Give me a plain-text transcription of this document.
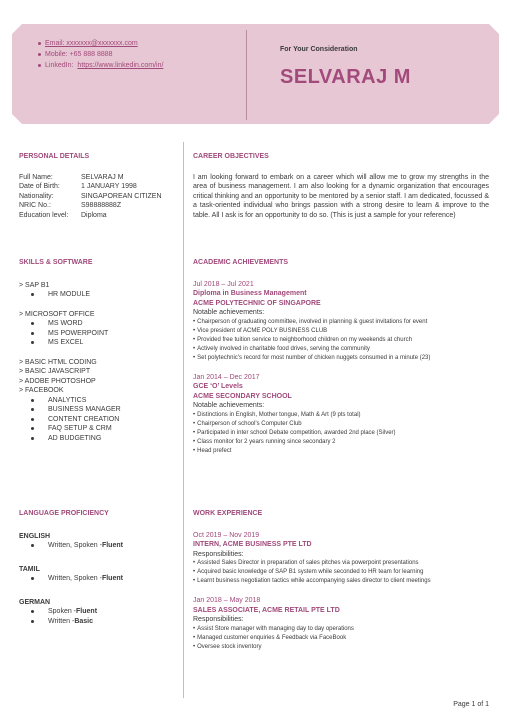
Email: xxxxxxx@xxxxxxx.com
Mobile: +65 888 8888
LinkedIn: https://www.linkedin.com/in/
For Your Consideration
SELVARAJ M
PERSONAL DETAILS
Full Name:	SELVARAJ M
Date of Birth:	1 JANUARY 1998
Nationality:	SINGAPOREAN CITIZEN
NRIC No.:	S98888888Z
Education level:	Diploma
SKILLS & SOFTWARE
> SAP B1
HR MODULE
> MICROSOFT OFFICE
MS WORD
MS POWERPOINT
MS EXCEL
> BASIC HTML CODING
> BASIC JAVASCRIPT
> ADOBE PHOTOSHOP
> FACEBOOK
ANALYTICS
BUSINESS MANAGER
CONTENT CREATION
FAQ SETUP & CRM
AD BUDGETING
LANGUAGE PROFICIENCY
ENGLISH
Written, Spoken - Fluent
TAMIL
Written, Spoken - Fluent
GERMAN
Spoken - Fluent
Written - Basic
CAREER OBJECTIVES
I am looking forward to embark on a career which will allow me to grow my strengths in the area of business management. I am also looking for a dynamic organization that encourages critical thinking and an opportunity to be mentored by a senior staff. I am dedicated, focussed & a task-oriented individual who brings passion with a strong desire to learn & improve to the table. All I ask is for an opportunity to do so. (This is just a sample for your reference)
ACADEMIC ACHIEVEMENTS
Jul 2018 – Jul 2021
Diploma in Business Management
ACME POLYTECHNIC OF SINGAPORE
Notable achievements:
• Chairperson of graduating committee, involved in planning & guest invitations for event
• Vice president of ACME POLY BUSINESS CLUB
• Provided free tuition service to neighborhood children on my weekends at church
• Actively involved in charitable food drives, serving the community
• Set polytechnic's record for most number of chicken nuggets consumed in a minute (23)
Jan 2014 – Dec 2017
GCE ‘O’ Levels
ACME SECONDARY SCHOOL
Notable achievements:
• Distinctions in English, Mother tongue, Math & Art (9 pts total)
• Chairperson of school's Computer Club
• Participated in inter school Debate competition, awarded 2nd place (Silver)
• Class monitor for 2 years running since secondary 2
• Head prefect
WORK EXPERIENCE
Oct 2019 – Nov 2019
INTERN, ACME BUSINESS PTE LTD
Responsibilities:
• Assisted Sales Director in preparation of sales pitches via powerpoint presentations
• Acquired basic knowledge of SAP B1 system while seconded to HR team for learning
• Learnt business negotiation tactics while accompanying sales director to client meetings
Jan 2018 – May 2018
SALES ASSOCIATE, ACME RETAIL PTE LTD
Responsibilities:
• Assist Store manager with managing day to day operations
• Managed customer enquiries & Feedback via FaceBook
• Oversee stock inventory
Page 1 of 1
